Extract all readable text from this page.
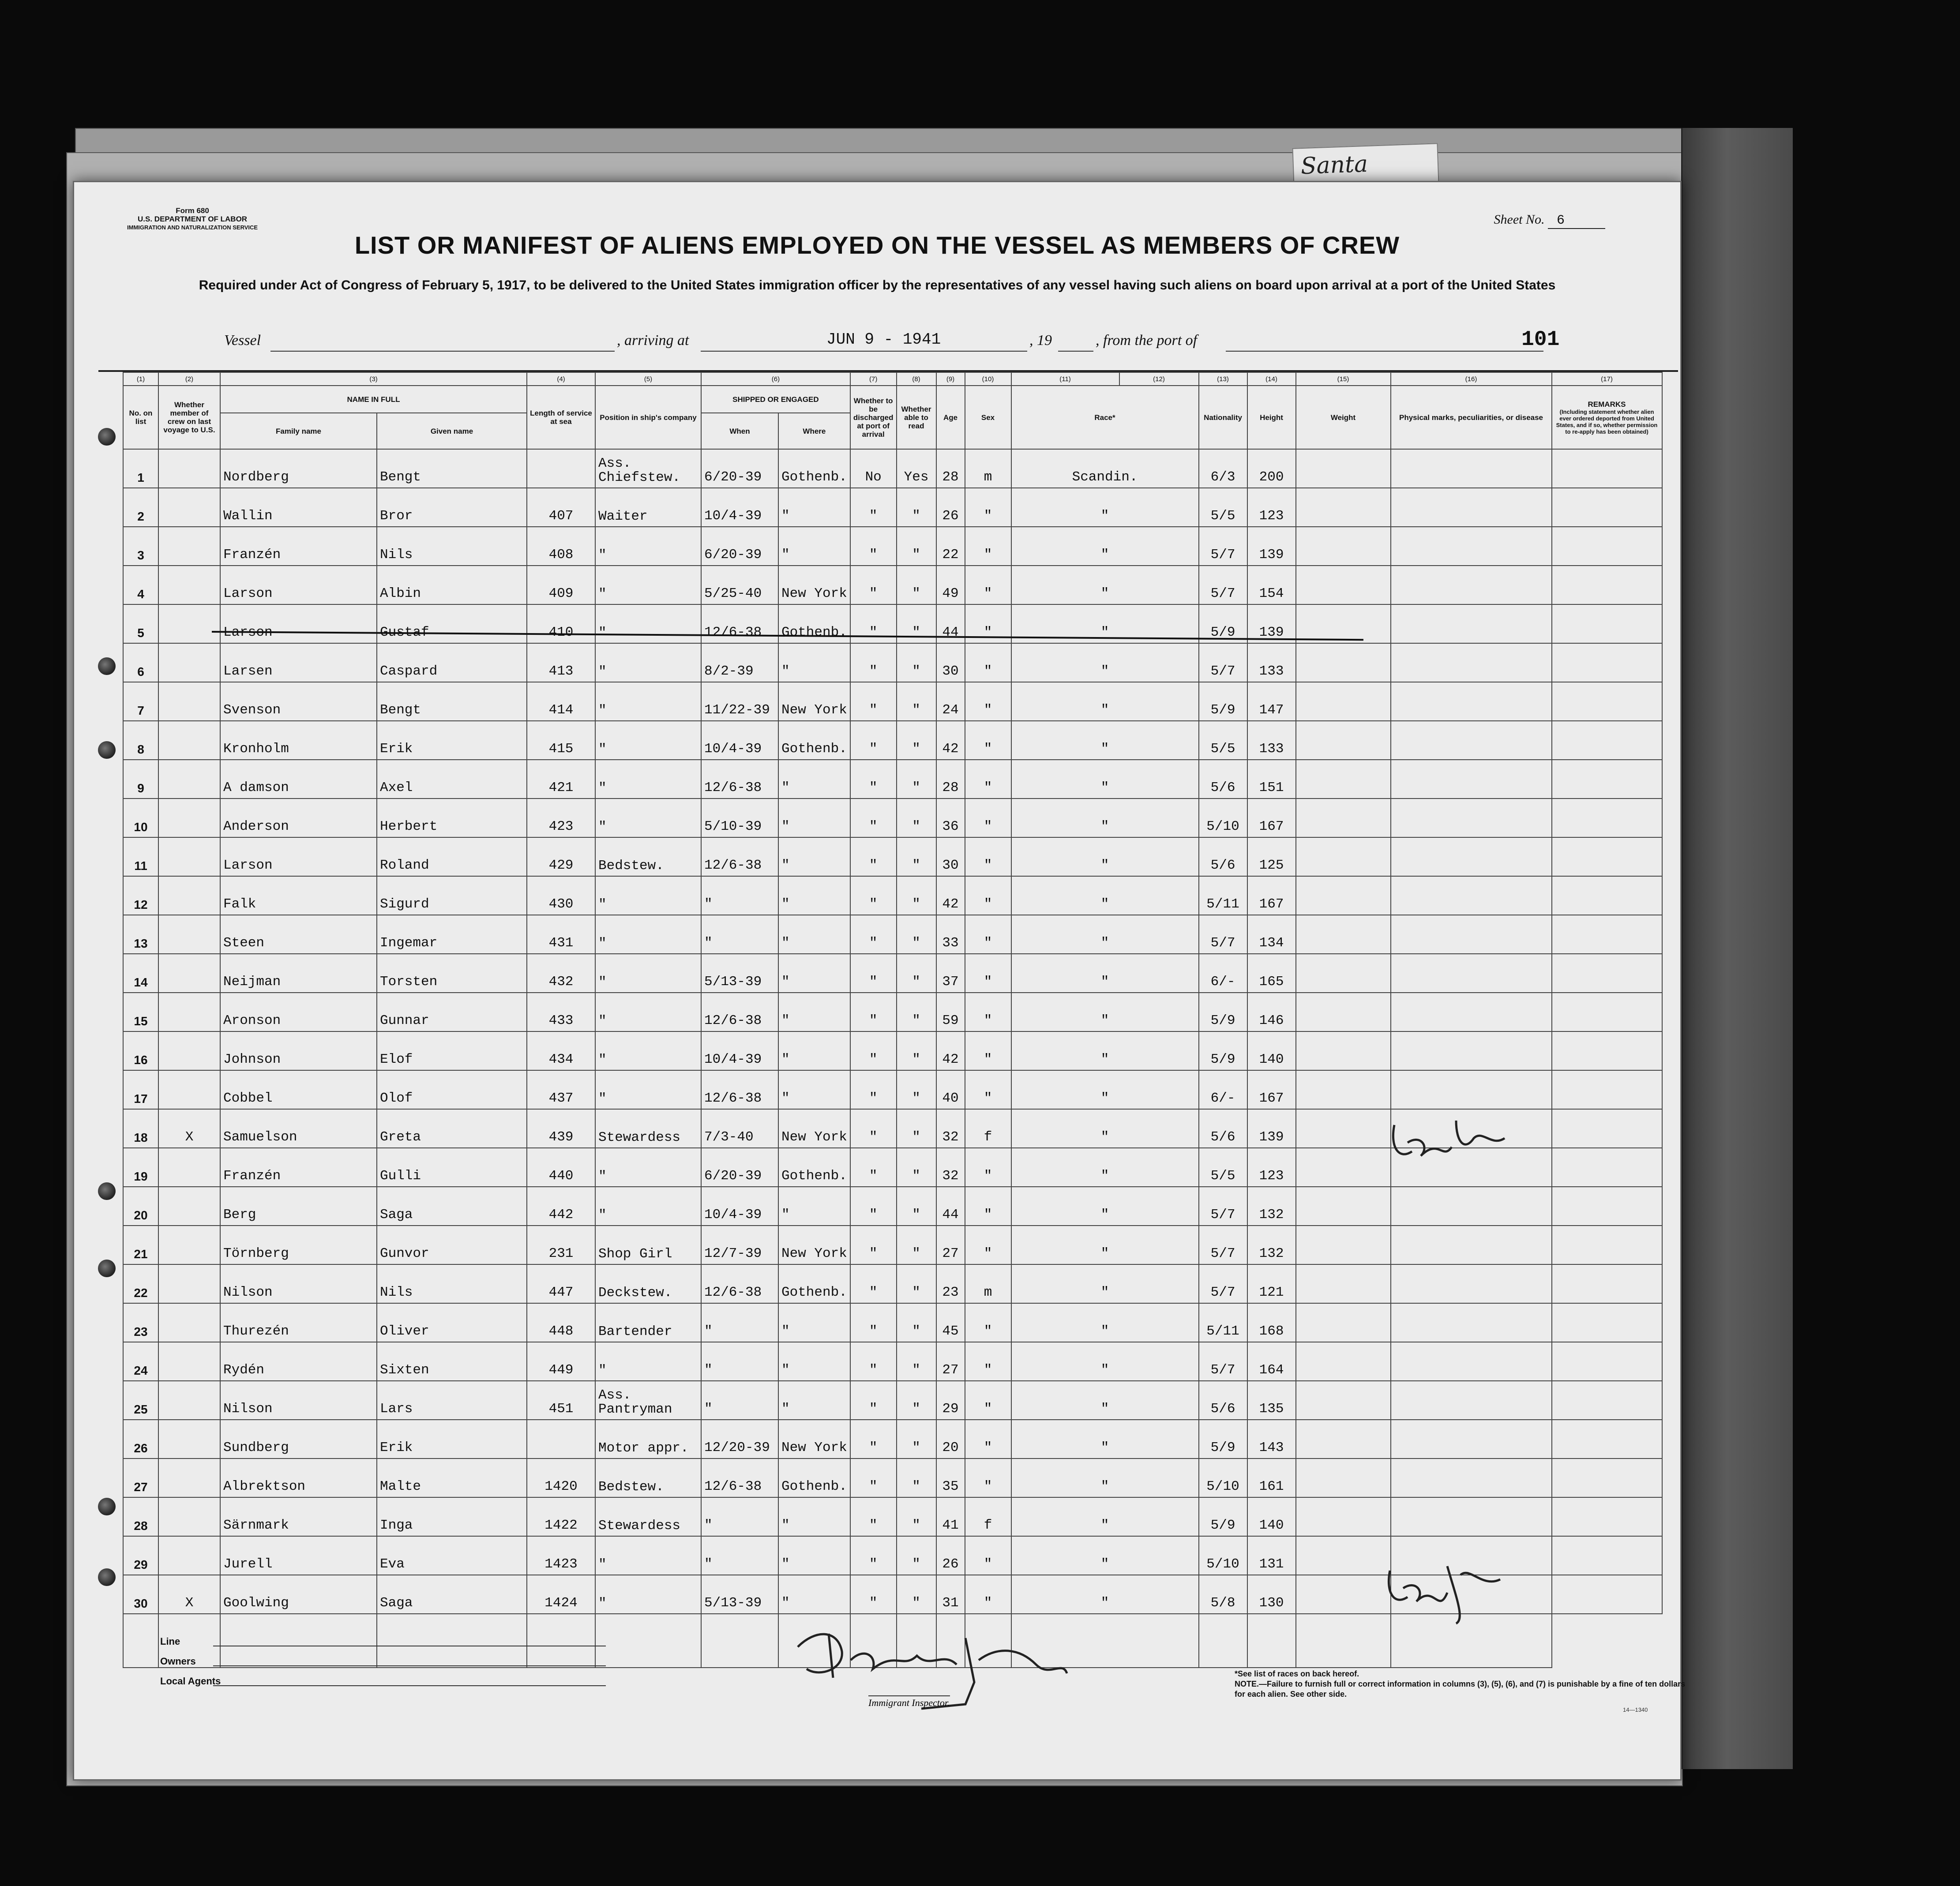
Santa
Form 680
U.S. DEPARTMENT OF LABOR
IMMIGRATION AND NATURALIZATION SERVICE
Sheet No. 6
LIST OR MANIFEST OF ALIENS EMPLOYED ON THE VESSEL AS MEMBERS OF CREW
Required under Act of Congress of February 5, 1917, to be delivered to the United States immigration officer by the representatives of any vessel having such aliens on board upon arrival at a port of the United States
Vessel	, arriving at	JUN 9 - 1941	, 19	, from the port of	101
(1)	(2)	(3)		(4)	(5)	(6)		(7)	(8)	(9)	(10)	(11)	(12)	(13)	(14)	(15)	(16)	(17)
No. on list	Whether member of crew on last voyage to U.S.	NAME IN FULL		Length of service at sea	Position in ship's company	SHIPPED OR ENGAGED		Whether to be discharged at port of arrival	Whether able to read	Age	Sex	Race*		Nationality	Height	Weight	Physical marks, peculiarities, or disease	REMARKS
(Including statement whether alien ever ordered deported from United States, and if so, whether permission to re-apply has been obtained)

		Family name	Given name			When	Where											
1		Nordberg	Bengt		Ass. Chiefstew.	6/20-39	Gothenb.	No	Yes	28	m	Scandin.		6/3	200			
2		Wallin	Bror	407	Waiter	10/4-39	"	"	"	26	"	"		5/5	123			
3		Franzén	Nils	408	"	6/20-39	"	"	"	22	"	"		5/7	139			
4		Larson	Albin	409	"	5/25-40	New York	"	"	49	"	"		5/7	154			
5		Larson	Gustaf	410	"	12/6-38	Gothenb.	"	"	44	"	"		5/9	139			
6		Larsen	Caspard	413	"	8/2-39	"	"	"	30	"	"		5/7	133			
7		Svenson	Bengt	414	"	11/22-39	New York	"	"	24	"	"		5/9	147			
8		Kronholm	Erik	415	"	10/4-39	Gothenb.	"	"	42	"	"		5/5	133			
9		A damson	Axel	421	"	12/6-38	"	"	"	28	"	"		5/6	151			
10		Anderson	Herbert	423	"	5/10-39	"	"	"	36	"	"		5/10	167			
11		Larson	Roland	429	Bedstew.	12/6-38	"	"	"	30	"	"		5/6	125			
12		Falk	Sigurd	430	"	"	"	"	"	42	"	"		5/11	167			
13		Steen	Ingemar	431	"	"	"	"	"	33	"	"		5/7	134			
14		Neijman	Torsten	432	"	5/13-39	"	"	"	37	"	"		6/-	165			
15		Aronson	Gunnar	433	"	12/6-38	"	"	"	59	"	"		5/9	146			
16		Johnson	Elof	434	"	10/4-39	"	"	"	42	"	"		5/9	140			
17		Cobbel	Olof	437	"	12/6-38	"	"	"	40	"	"		6/-	167			
18	X	Samuelson	Greta	439	Stewardess	7/3-40	New York	"	"	32	f	"		5/6	139			
19		Franzén	Gulli	440	"	6/20-39	Gothenb.	"	"	32	"	"		5/5	123			
20		Berg	Saga	442	"	10/4-39	"	"	"	44	"	"		5/7	132			
21		Törnberg	Gunvor	231	Shop Girl	12/7-39	New York	"	"	27	"	"		5/7	132			
22		Nilson	Nils	447	Deckstew.	12/6-38	Gothenb.	"	"	23	m	"		5/7	121			
23		Thurezén	Oliver	448	Bartender	"	"	"	"	45	"	"		5/11	168			
24		Rydén	Sixten	449	"	"	"	"	"	27	"	"		5/7	164			
25		Nilson	Lars	451	Ass. Pantryman	"	"	"	"	29	"	"		5/6	135			
26		Sundberg	Erik		Motor appr.	12/20-39	New York	"	"	20	"	"		5/9	143			
27		Albrektson	Malte	1420	Bedstew.	12/6-38	Gothenb.	"	"	35	"	"		5/10	161			
28		Särnmark	Inga	1422	Stewardess	"	"	"	"	41	f	"		5/9	140			
29		Jurell	Eva	1423	"	"	"	"	"	26	"	"		5/10	131			
30	X	Goolwing	Saga	1424	"	5/13-39	"	"	"	31	"	"		5/8	130			

Line
Owners
Local Agents
Immigrant Inspector.
*See list of races on back hereof.
NOTE.—Failure to furnish full or correct information in columns (3), (5), (6), and (7) is punishable by a fine of ten dollars for each alien. See other side.
14—1340
